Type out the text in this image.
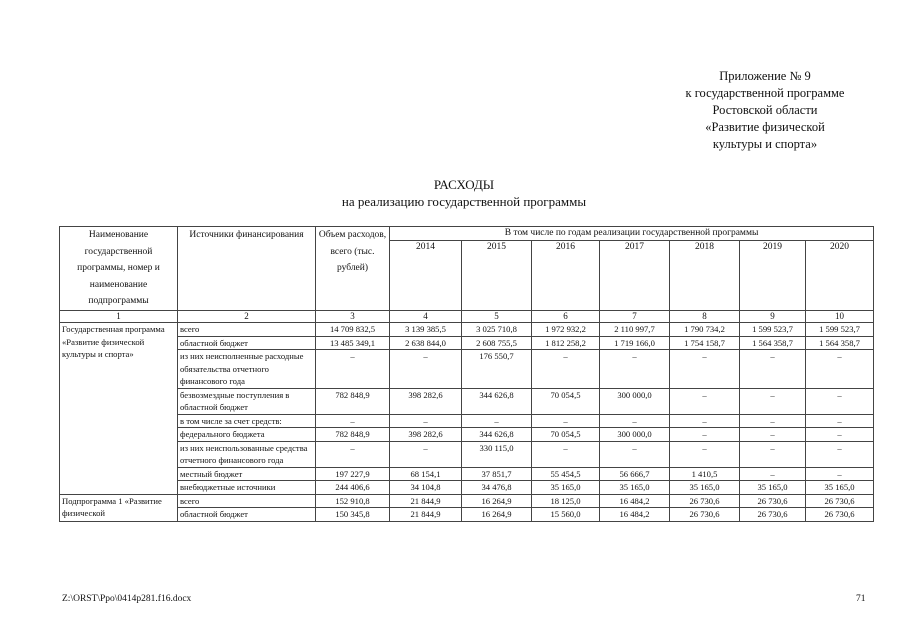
Приложение № 9
к государственной программе
Ростовской области
«Развитие физической
культуры и спорта»
РАСХОДЫ
на реализацию государственной программы
Наименование государственной программы, номер и наименование подпрограммы	Источники финансирования	Объем расходов, всего (тыс. рублей)	В том числе по годам реализации государственной программы						
			2014	2015	2016	2017	2018	2019	2020
1	2	3	4	5	6	7	8	9	10
Государственная программа «Развитие физической культуры и спорта»	всего	14 709 832,5	3 139 385,5	3 025 710,8	1 972 932,2	2 110 997,7	1 790 734,2	1 599 523,7	1 599 523,7
	областной бюджет	13 485 349,1	2 638 844,0	2 608 755,5	1 812 258,2	1 719 166,0	1 754 158,7	1 564 358,7	1 564 358,7
	из них неисполненные расходные обязательства отчетного финансового года	–	–	176 550,7	–	–	–	–	–
	безвозмездные поступления в областной бюджет	782 848,9	398 282,6	344 626,8	70 054,5	300 000,0	–	–	–
	в том числе за счет средств:	–	–	–	–	–	–	–	–
	федерального бюджета	782 848,9	398 282,6	344 626,8	70 054,5	300 000,0	–	–	–
	из них неиспользованные средства отчетного финансового года	–	–	330 115,0	–	–	–	–	–
	местный бюджет	197 227,9	68 154,1	37 851,7	55 454,5	56 666,7	1 410,5	–	–
	внебюджетные источники	244 406,6	34 104,8	34 476,8	35 165,0	35 165,0	35 165,0	35 165,0	35 165,0
Подпрограмма 1 «Развитие физической	всего	152 910,8	21 844,9	16 264,9	18 125,0	16 484,2	26 730,6	26 730,6	26 730,6
	областной бюджет	150 345,8	21 844,9	16 264,9	15 560,0	16 484,2	26 730,6	26 730,6	26 730,6
Z:\ORST\Ppo\0414p281.f16.docx	71
